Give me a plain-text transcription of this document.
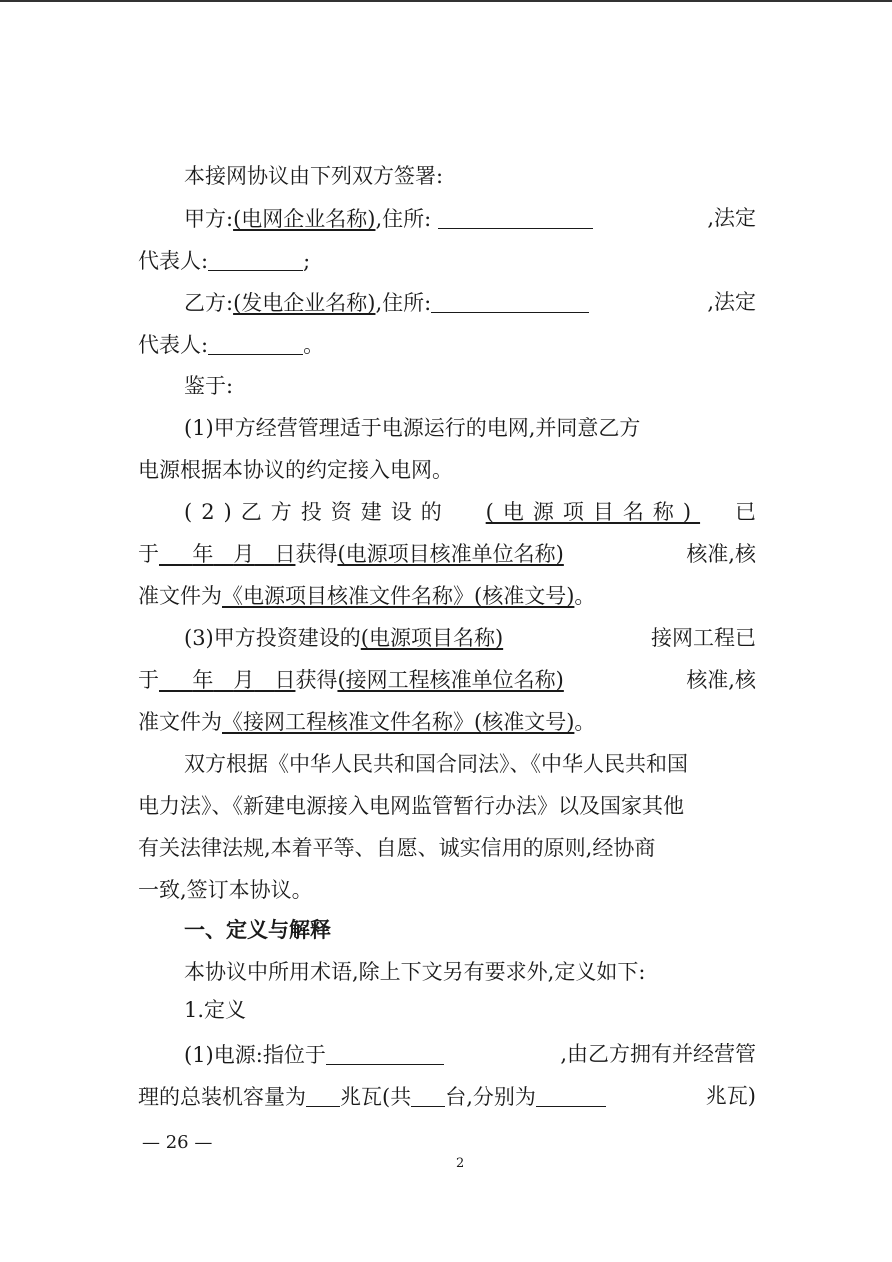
本接网协议由下列双方签署:
甲方:(电网企业名称),住所:	,法定
代表人:	;
乙方:(发电企业名称),住所:	,法定
代表人:	。
鉴于:
(1)甲方经营管理适于电源运行的电网,并同意乙方
电源根据本协议的约定接入电网。
(2)乙方投资建设的 (电源项目名称) 已
于 年 月 日获得(电源项目核准单位名称)	核准,核
准文件为《电源项目核准文件名称》(核准文号)。
(3)甲方投资建设的(电源项目名称)	接网工程已
于 年 月 日获得(接网工程核准单位名称)	核准,核
准文件为《接网工程核准文件名称》(核准文号)。
双方根据《中华人民共和国合同法》、《中华人民共和国
电力法》、《新建电源接入电网监管暂行办法》以及国家其他
有关法律法规,本着平等、自愿、诚实信用的原则,经协商
一致,签订本协议。
一、定义与解释
本协议中所用术语,除上下文另有要求外,定义如下:
1.定义
(1)电源:指位于	,由乙方拥有并经营管
理的总装机容量为 兆瓦(共 台,分别为	兆瓦)
— 26 —
2
